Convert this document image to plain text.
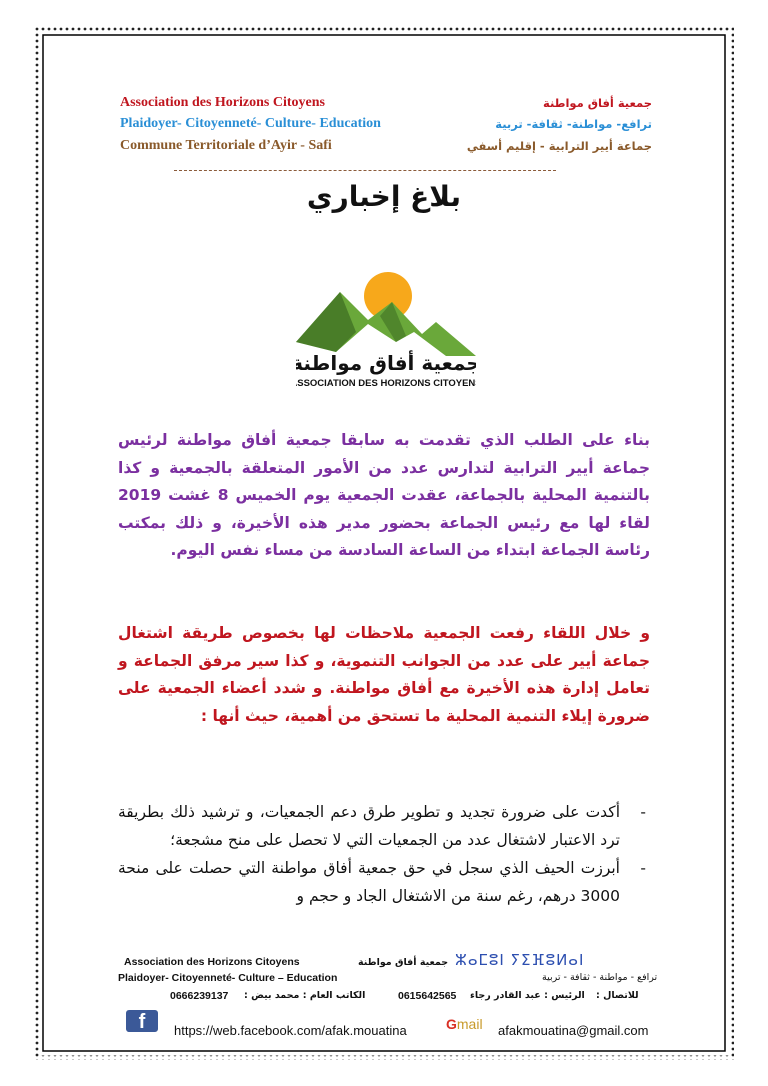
Association des Horizons Citoyens
Plaidoyer- Citoyenneté- Culture- Education
Commune Territoriale d’Ayir - Safi
جمعية أفاق مواطنة
ترافع- مواطنة- ثقافة- تربية
جماعة أيير الترابية - إقليم أسفي
بلاغ إخباري
جمعية أفاق مواطنة
ASSOCIATION DES HORIZONS CITOYENS
بناء على الطلب الذي تقدمت به سابقا جمعية أفاق مواطنة لرئيس جماعة أيير الترابية لتدارس عدد من الأمور المتعلقة بالجمعية و كذا بالتنمية المحلية بالجماعة، عقدت الجمعية يوم الخميس 8 غشت 2019 لقاء لها مع رئيس الجماعة بحضور مدير هذه الأخيرة، و ذلك بمكتب رئاسة الجماعة ابتداء من الساعة السادسة من مساء نفس اليوم.
و خلال اللقاء رفعت الجمعية ملاحظات لها بخصوص طريقة اشتغال جماعة أيير على عدد من الجوانب التنموية، و كذا سير مرفق الجماعة و تعامل إدارة هذه الأخيرة مع أفاق مواطنة. و شدد أعضاء الجمعية على ضرورة إيلاء التنمية المحلية ما تستحق من أهمية، حيث أنها :
-
أكدت على ضرورة تجديد و تطوير طرق دعم الجمعيات، و ترشيد ذلك بطريقة ترد الاعتبار لاشتغال عدد من الجمعيات التي لا تحصل على منح مشجعة؛
-
أبرزت الحيف الذي سجل في حق جمعية أفاق مواطنة التي حصلت على منحة 3000 درهم، رغم سنة من الاشتغال الجاد و حجم و
Association des Horizons Citoyens
Plaidoyer- Citoyenneté- Culture – Education
جمعية أفاق مواطنة ⵣⴰⵎⵓⵏ ⵢⵉⴼⵓⵍⴰⵏ
ترافع - مواطنة - ثقافة - تربية
للاتصال :
الرئيس : عبد القادر رجاء
0615642565
الكاتب العام : محمد بيض :
0666239137
f	https://web.facebook.com/afak.mouatina	Gmail afakmouatina@gmail.com
